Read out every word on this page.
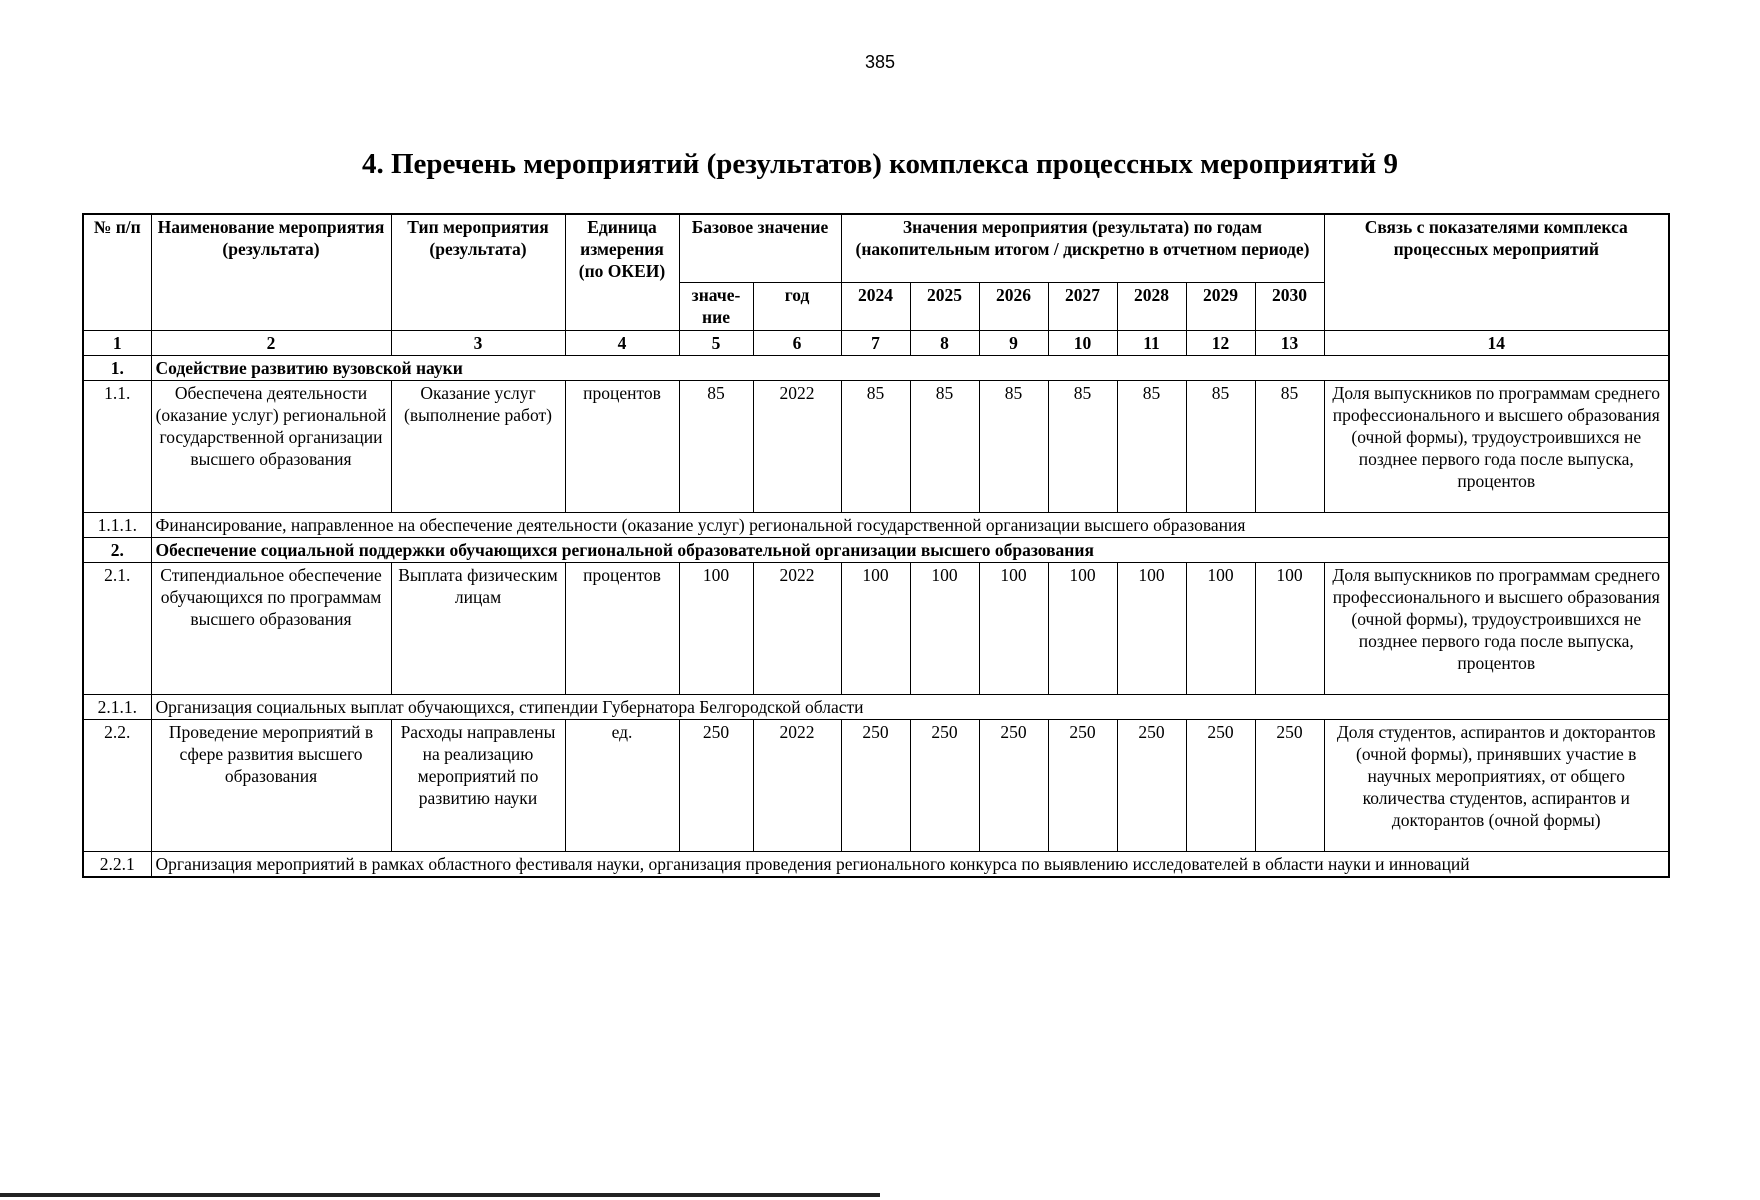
385
4. Перечень мероприятий (результатов) комплекса процессных мероприятий 9
№ п/п	Наименование мероприятия (результата)	Тип мероприятия (результата)	Единица измерения (по ОКЕИ)	Базовое значение		Значения мероприятия (результата) по годам (накопительным итогом / дискретно в отчетном периоде)							Связь с показателями комплекса процессных мероприятий
				значе-ние	год	2024	2025	2026	2027	2028	2029	2030	
1	2	3	4	5	6	7	8	9	10	11	12	13	14
1.	Содействие развитию вузовской науки												
1.1.	Обеспечена деятельности (оказание услуг) региональной государственной организации высшего образования	Оказание услуг (выполнение работ)	процентов	85	2022	85	85	85	85	85	85	85	Доля выпускников по программам среднего профессионального и высшего образования (очной формы), трудоустроившихся не позднее первого года после выпуска, процентов
1.1.1.	Финансирование, направленное на обеспечение деятельности (оказание услуг) региональной государственной организации высшего образования												
2.	Обеспечение социальной поддержки обучающихся региональной образовательной организации высшего образования												
2.1.	Стипендиальное обеспечение обучающихся по программам высшего образования	Выплата физическим лицам	процентов	100	2022	100	100	100	100	100	100	100	Доля выпускников по программам среднего профессионального и высшего образования (очной формы), трудоустроившихся не позднее первого года после выпуска, процентов
2.1.1.	Организация социальных выплат обучающихся, стипендии Губернатора Белгородской области												
2.2.	Проведение мероприятий в сфере развития высшего образования	Расходы направлены на реализацию мероприятий по развитию науки	ед.	250	2022	250	250	250	250	250	250	250	Доля студентов, аспирантов и докторантов (очной формы), принявших участие в научных мероприятиях, от общего количества студентов, аспирантов и докторантов (очной формы)
2.2.1	Организация мероприятий в рамках областного фестиваля науки, организация проведения регионального конкурса по выявлению исследователей в области науки и инноваций												
